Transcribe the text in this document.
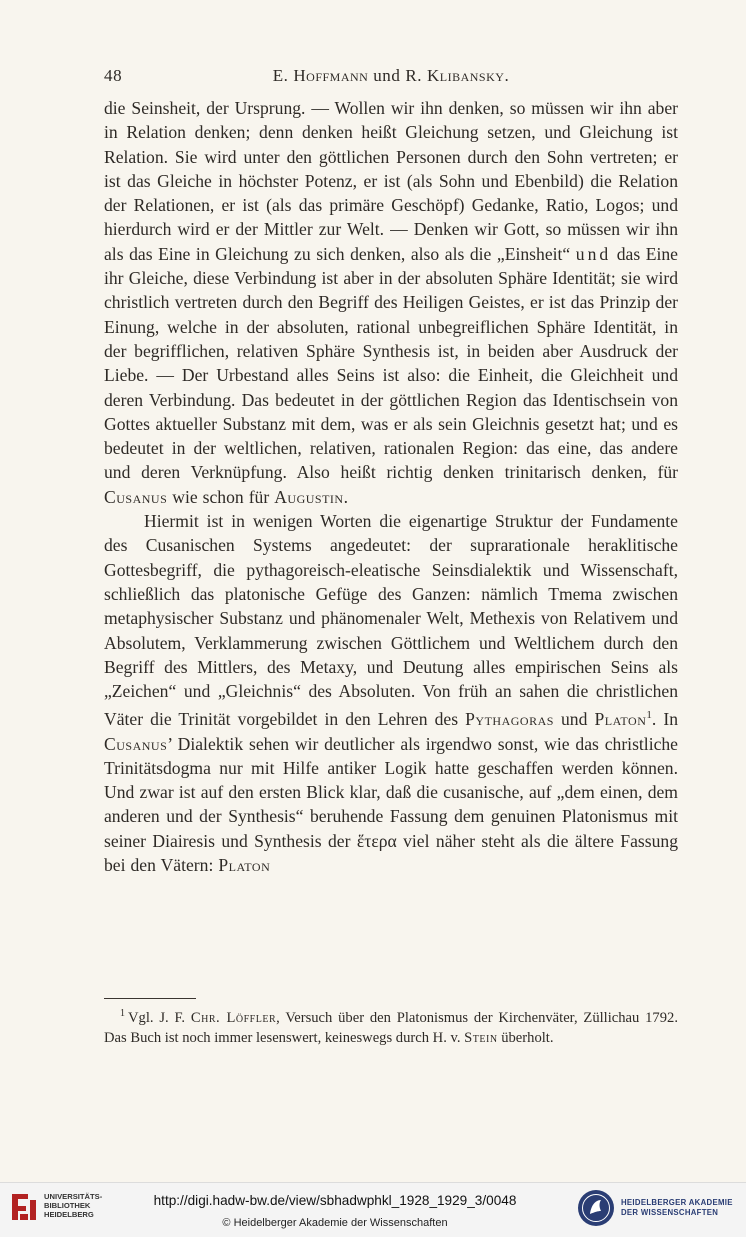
48	E. Hoffmann und R. Klibansky.

die Seinsheit, der Ursprung. — Wollen wir ihn denken, so müssen wir ihn aber in Relation denken; denn denken heißt Gleichung setzen, und Gleichung ist Relation. Sie wird unter den göttlichen Personen durch den Sohn vertreten; er ist das Gleiche in höchster Potenz, er ist (als Sohn und Ebenbild) die Relation der Relationen, er ist (als das primäre Geschöpf) Gedanke, Ratio, Logos; und hierdurch wird er der Mittler zur Welt. — Denken wir Gott, so müssen wir ihn als das Eine in Gleichung zu sich denken, also als die „Einsheit“ und das Eine ihr Gleiche, diese Verbindung ist aber in der absoluten Sphäre Identität; sie wird christlich vertreten durch den Begriff des Heiligen Geistes, er ist das Prinzip der Einung, welche in der absoluten, rational unbegreiflichen Sphäre Identität, in der begrifflichen, relativen Sphäre Synthesis ist, in beiden aber Ausdruck der Liebe. — Der Urbestand alles Seins ist also: die Einheit, die Gleichheit und deren Verbindung. Das bedeutet in der göttlichen Region das Identischsein von Gottes aktueller Substanz mit dem, was er als sein Gleichnis gesetzt hat; und es bedeutet in der weltlichen, relativen, rationalen Region: das eine, das andere und deren Verknüpfung. Also heißt richtig denken trinitarisch denken, für Cusanus wie schon für Augustin.

Hiermit ist in wenigen Worten die eigenartige Struktur der Fundamente des Cusanischen Systems angedeutet: der suprarationale heraklitische Gottesbegriff, die pythagoreisch-eleatische Seinsdialektik und Wissenschaft, schließlich das platonische Gefüge des Ganzen: nämlich Tmema zwischen metaphysischer Substanz und phänomenaler Welt, Methexis von Relativem und Absolutem, Verklammerung zwischen Göttlichem und Weltlichem durch den Begriff des Mittlers, des Metaxy, und Deutung alles empirischen Seins als „Zeichen“ und „Gleichnis“ des Absoluten. Von früh an sahen die christlichen Väter die Trinität vorgebildet in den Lehren des Pythagoras und Platon$^1$. In Cusanus’ Dialektik sehen wir deutlicher als irgendwo sonst, wie das christliche Trinitätsdogma nur mit Hilfe antiker Logik hatte geschaffen werden können. Und zwar ist auf den ersten Blick klar, daß die cusanische, auf „dem einen, dem anderen und der Synthesis“ beruhende Fassung dem genuinen Platonismus mit seiner Diairesis und Synthesis der ἕτερα viel näher steht als die ältere Fassung bei den Vätern: Platon

$^1$ Vgl. J. F. Chr. Löffler, Versuch über den Platonismus der Kirchenväter, Züllichau 1792. Das Buch ist noch immer lesenswert, keineswegs durch H. v. Stein überholt.
UNIVERSITÄTS-
BIBLIOTHEK
HEIDELBERG
http://digi.hadw-bw.de/view/sbhadwphkl_1928_1929_3/0048
© Heidelberger Akademie der Wissenschaften
HEIDELBERGER AKADEMIE
DER WISSENSCHAFTEN
